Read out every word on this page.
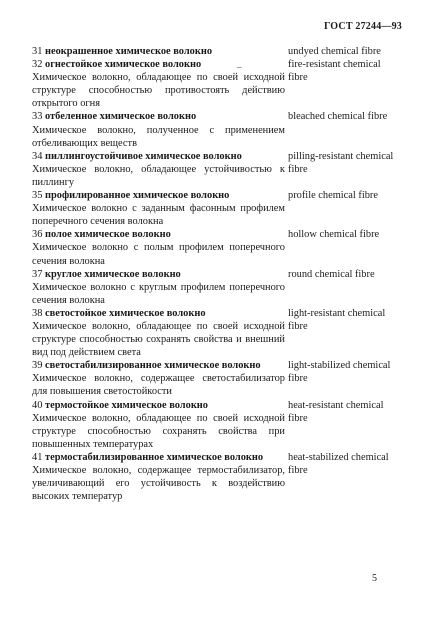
ГОСТ 27244—93
–
31 неокрашенное химическое волокно	undyed chemical fibre
32 огнестойкое химическое волокно
Химическое волокно, обладающее по своей исходной структуре способностью противостоять действию открытого огня
fire-resistant chemical fibre
33 отбеленное химическое волокно
Химическое волокно, полученное с применением отбеливающих веществ
bleached chemical fibre
34 пиллингоустойчивое химическое волокно
Химическое волокно, обладающее устойчивостью к пиллингу
pilling-resistant chemical fibre
35 профилированное химическое волокно
Химическое волокно с заданным фасонным профилем поперечного сечения волокна
profile chemical fibre
36 полое химическое волокно
Химическое волокно с полым профилем поперечного сечения волокна
hollow chemical fibre
37 круглое химическое волокно
Химическое волокно с круглым профилем поперечного сечения волокна
round chemical fibre
38 светостойкое химическое волокно
Химическое волокно, обладающее по своей исходной структуре способностью сохранять свойства и внешний вид под действием света
light-resistant chemical fibre
39 светостабилизированное химическое волокно
Химическое волокно, содержащее светостабилизатор для повышения светостойкости
light-stabilized chemical fibre
40 термостойкое химическое волокно
Химическое волокно, обладающее по своей исходной структуре способностью сохранять свойства при повышенных температурах
heat-resistant chemical fibre
41 термостабилизированное химическое волокно
Химическое волокно, содержащее термостабилизатор, увеличивающий его устойчивость к воздействию высоких температур
heat-stabilized chemical fibre
5
